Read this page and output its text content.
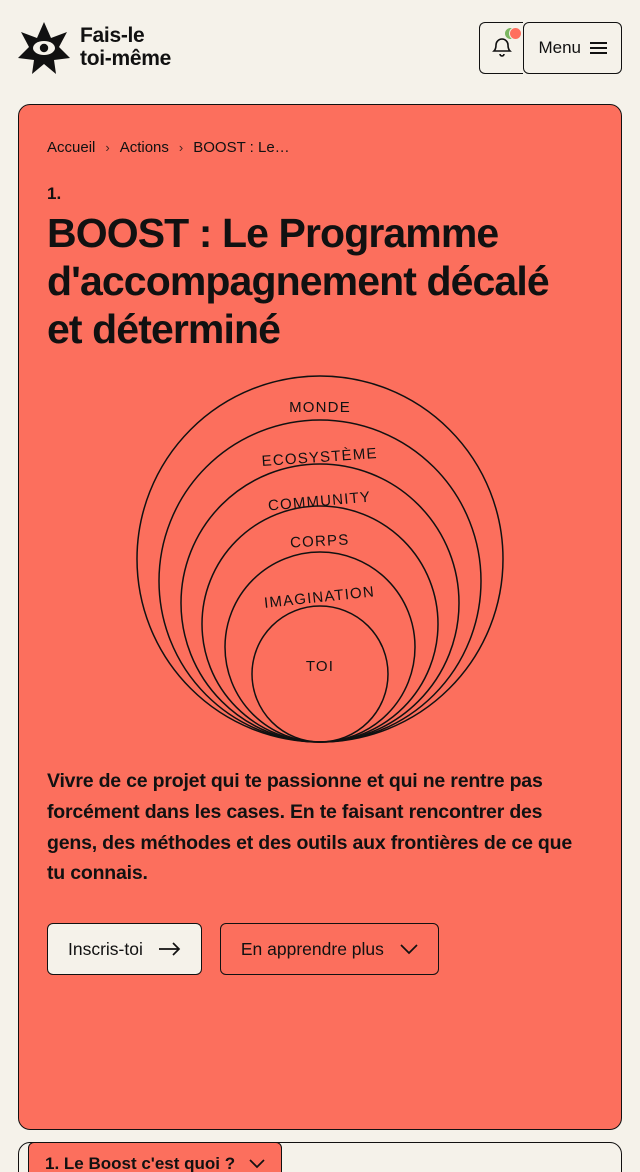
Fais-le
toi-même	Menu
Accueil › Actions › BOOST : Le…
1.
BOOST : Le Programme d'accompagnement décalé et déterminé
MONDE
ECOSYSTÈME
COMMUNITY
CORPS
IMAGINATION
TOI

Vivre de ce projet qui te passionne et qui ne rentre pas forcément dans les cases. En te faisant rencontrer des gens, des méthodes et des outils aux frontières de ce que tu connais.

Inscris-toi	En apprendre plus
1. Le Boost c'est quoi ?
